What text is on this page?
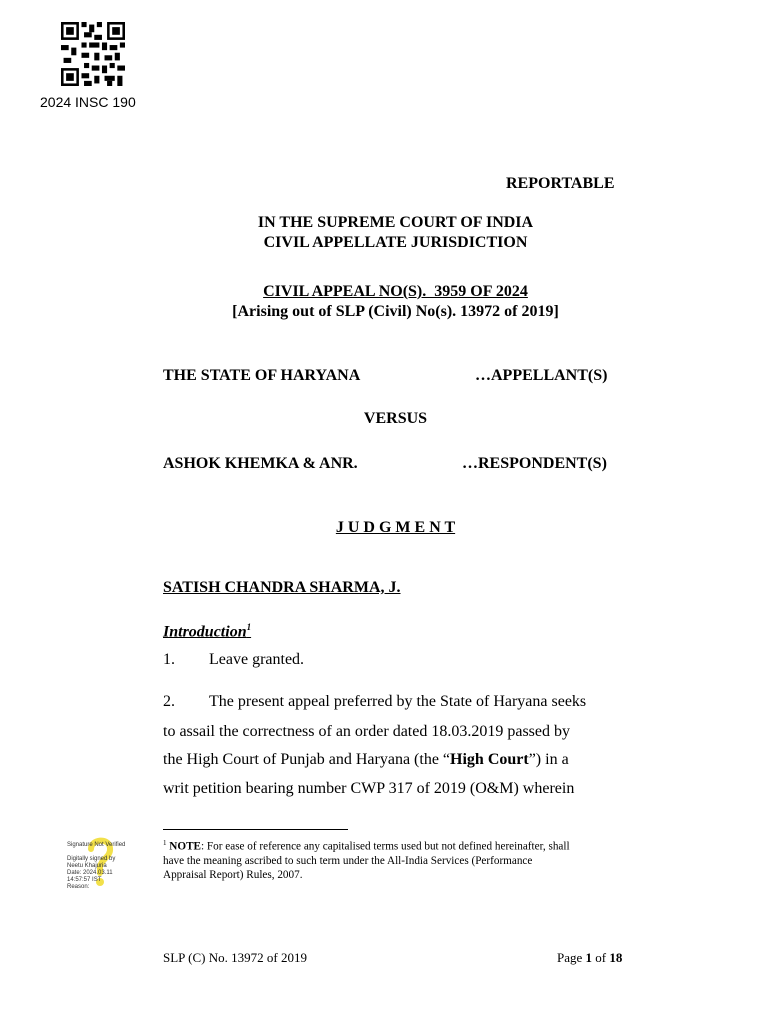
2024 INSC 190
REPORTABLE
IN THE SUPREME COURT OF INDIA
CIVIL APPELLATE JURISDICTION
CIVIL APPEAL NO(S).  3959 OF 2024
[Arising out of SLP (Civil) No(s). 13972 of 2019]
THE STATE OF HARYANA	…APPELLANT(S)
VERSUS
ASHOK KHEMKA & ANR.	…RESPONDENT(S)
J U D G M E N T
SATISH CHANDRA SHARMA, J.
Introduction$^1$
1. Leave granted.
2. The present appeal preferred by the State of Haryana seeks
to assail the correctness of an order dated 18.03.2019 passed by
the High Court of Punjab and Haryana (the “High Court”) in a
writ petition bearing number CWP 317 of 2019 (O&M) wherein
$^1$ NOTE: For ease of reference any capitalised terms used but not defined hereinafter, shall
have the meaning ascribed to such term under the All-India Services (Performance
Appraisal Report) Rules, 2007.
Signature Not Verified
Digitally signed by
Neetu Khajuria
Date: 2024.03.11
14:57:57 IST
Reason:
SLP (C) No. 13972 of 2019	Page 1 of 18
